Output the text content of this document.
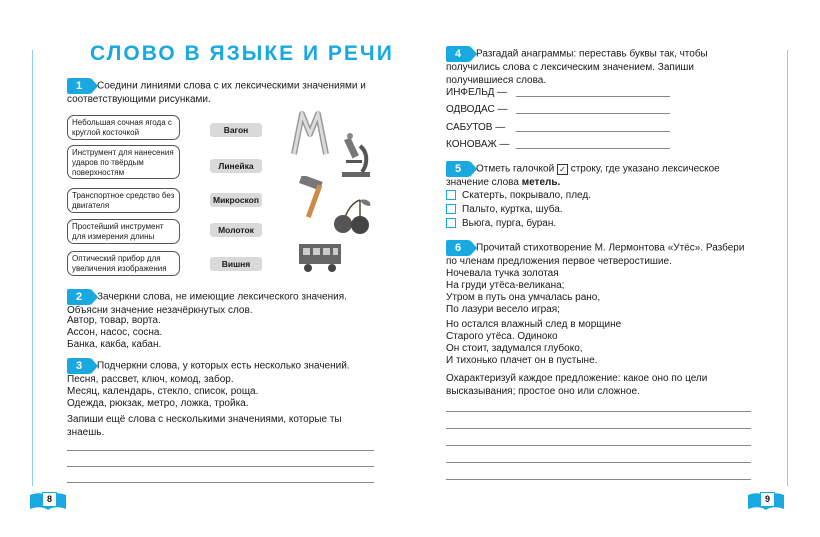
СЛОВО В ЯЗЫКЕ И РЕЧИ
1 Соедини линиями слова с их лексическими значениями и соответствующими рисунками.
Небольшая сочная ягода с круглой косточкой
Инструмент для нанесения ударов по твёрдым поверхностям
Транспортное средство без двигателя
Простейший инструмент для измерения длины
Оптический прибор для увеличения изображения
Вагон
Линейка
Микроскоп
Молоток
Вишня
2 Зачеркни слова, не имеющие лексического значения. Объясни значение незачёркнутых слов.
Автор, товар, ворта.
Ассон, насос, сосна.
Банка, какба, кабан.
3 Подчеркни слова, у которых есть несколько значений.
Песня, рассвет, ключ, комод, забор.
Месяц, календарь, стекло, список, роща.
Одежда, рюкзак, метро, ложка, тройка.
Запиши ещё слова с несколькими значениями, которые ты знаешь.
8
4 Разгадай анаграммы: переставь буквы так, чтобы получились слова с лексическим значением. Запиши получившиеся слова.
ИНФЕЛЬД —
ОДВОДАС —
САБУТОВ —
КОНОВАЖ —
5 Отметь галочкой ✓ строку, где указано лексическое значение слова метель.
Скатерть, покрывало, плед.
Пальто, куртка, шуба.
Вьюга, пурга, буран.
6 Прочитай стихотворение М. Лермонтова «Утёс». Разбери по членам предложения первое четверостишие.
Ночевала тучка золотая
На груди утёса-великана;
Утром в путь она умчалась рано,
По лазури весело играя;
Но остался влажный след в морщине
Старого утёса. Одиноко
Он стоит, задумался глубоко,
И тихонько плачет он в пустыне.
Охарактеризуй каждое предложение: какое оно по цели высказывания; простое оно или сложное.
9
